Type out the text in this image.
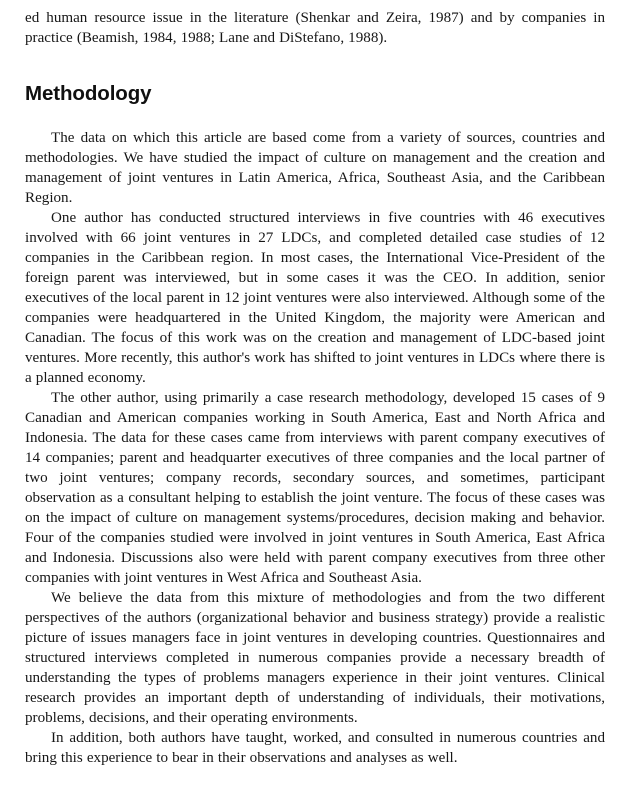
ed human resource issue in the literature (Shenkar and Zeira, 1987) and by companies in practice (Beamish, 1984, 1988; Lane and DiStefano, 1988).

Methodology

The data on which this article are based come from a variety of sources, countries and methodologies. We have studied the impact of culture on management and the creation and management of joint ventures in Latin America, Africa, Southeast Asia, and the Caribbean Region.

One author has conducted structured interviews in five countries with 46 executives involved with 66 joint ventures in 27 LDCs, and completed detailed case studies of 12 companies in the Caribbean region. In most cases, the International Vice-President of the foreign parent was interviewed, but in some cases it was the CEO. In addition, senior executives of the local parent in 12 joint ventures were also interviewed. Although some of the companies were headquartered in the United Kingdom, the majority were American and Canadian. The focus of this work was on the creation and management of LDC-based joint ventures. More recently, this author's work has shifted to joint ventures in LDCs where there is a planned economy.

The other author, using primarily a case research methodology, developed 15 cases of 9 Canadian and American companies working in South America, East and North Africa and Indonesia. The data for these cases came from interviews with parent company executives of 14 companies; parent and headquarter executives of three companies and the local partner of two joint ventures; company records, secondary sources, and sometimes, participant observation as a consultant helping to establish the joint venture. The focus of these cases was on the impact of culture on management systems/procedures, decision making and behavior. Four of the companies studied were involved in joint ventures in South America, East Africa and Indonesia. Discussions also were held with parent company executives from three other companies with joint ventures in West Africa and Southeast Asia.

We believe the data from this mixture of methodologies and from the two different perspectives of the authors (organizational behavior and business strategy) provide a realistic picture of issues managers face in joint ventures in developing countries. Questionnaires and structured interviews completed in numerous companies provide a necessary breadth of understanding the types of problems managers experience in their joint ventures. Clinical research provides an important depth of understanding of individuals, their motivations, problems, decisions, and their operating environments.

In addition, both authors have taught, worked, and consulted in numerous countries and bring this experience to bear in their observations and analyses as well.
